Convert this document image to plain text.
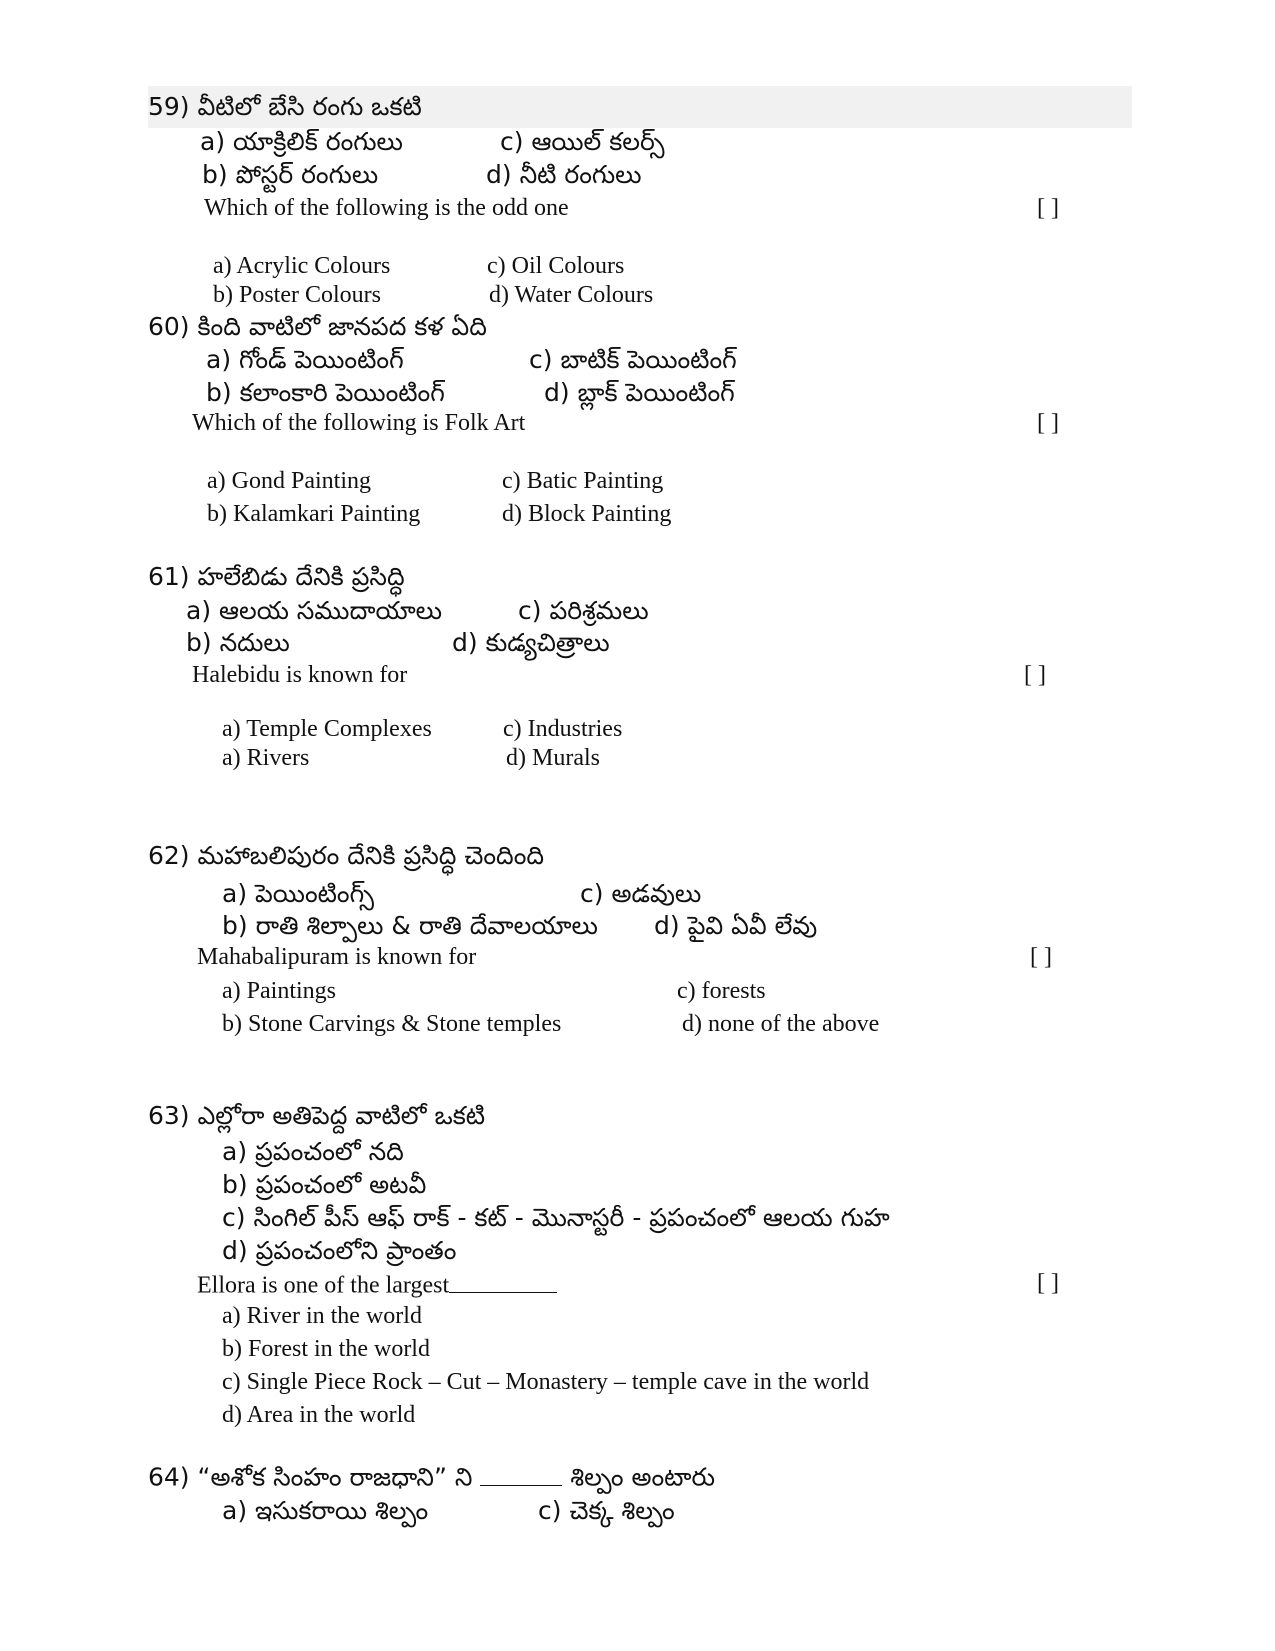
59) వీటిలో బేసి రంగు ఒకటి
a) యాక్రిలిక్ రంగులు	c) ఆయిల్ కలర్స్
b) పోస్టర్ రంగులు	d) నీటి రంగులు
Which of the following is the odd one	[ ]
a) Acrylic Colours	c) Oil Colours
b) Poster Colours	d) Water Colours
60) కింది వాటిలో జానపద కళ ఏది
a) గోండ్ పెయింటింగ్	c) బాటిక్ పెయింటింగ్
b) కలాంకారి పెయింటింగ్	d) బ్లాక్ పెయింటింగ్
Which of the following is Folk Art	[ ]
a) Gond Painting	c) Batic Painting
b) Kalamkari Painting	d) Block Painting
61) హలేబిడు దేనికి ప్రసిద్ధి
a) ఆలయ సముదాయాలు	c) పరిశ్రమలు
b) నదులు	d) కుడ్యచిత్రాలు
Halebidu is known for	[ ]
a) Temple Complexes	c) Industries
a) Rivers	d) Murals
62) మహాబలిపురం దేనికి ప్రసిద్ధి చెందింది
a) పెయింటింగ్స్	c) అడవులు
b) రాతి శిల్పాలు & రాతి దేవాలయాలు d) పైవి ఏవీ లేవు
Mahabalipuram is known for	[ ]
a) Paintings	c) forests
b) Stone Carvings & Stone temples	d) none of the above
63) ఎల్లోరా అతిపెద్ద వాటిలో ఒకటి
a) ప్రపంచంలో నది
b) ప్రపంచంలో అటవీ
c) సింగిల్ పీస్ ఆఫ్ రాక్ - కట్ - మొనాస్టరీ - ప్రపంచంలో ఆలయ గుహ
d) ప్రపంచంలోని ప్రాంతం
Ellora is one of the largest	[ ]
a) River in the world
b) Forest in the world
c) Single Piece Rock – Cut – Monastery – temple cave in the world
d) Area in the world
64) “అశోక సింహం రాజధాని” ని	శిల్పం అంటారు
a) ఇసుకరాయి శిల్పం	c) చెక్క శిల్పం
